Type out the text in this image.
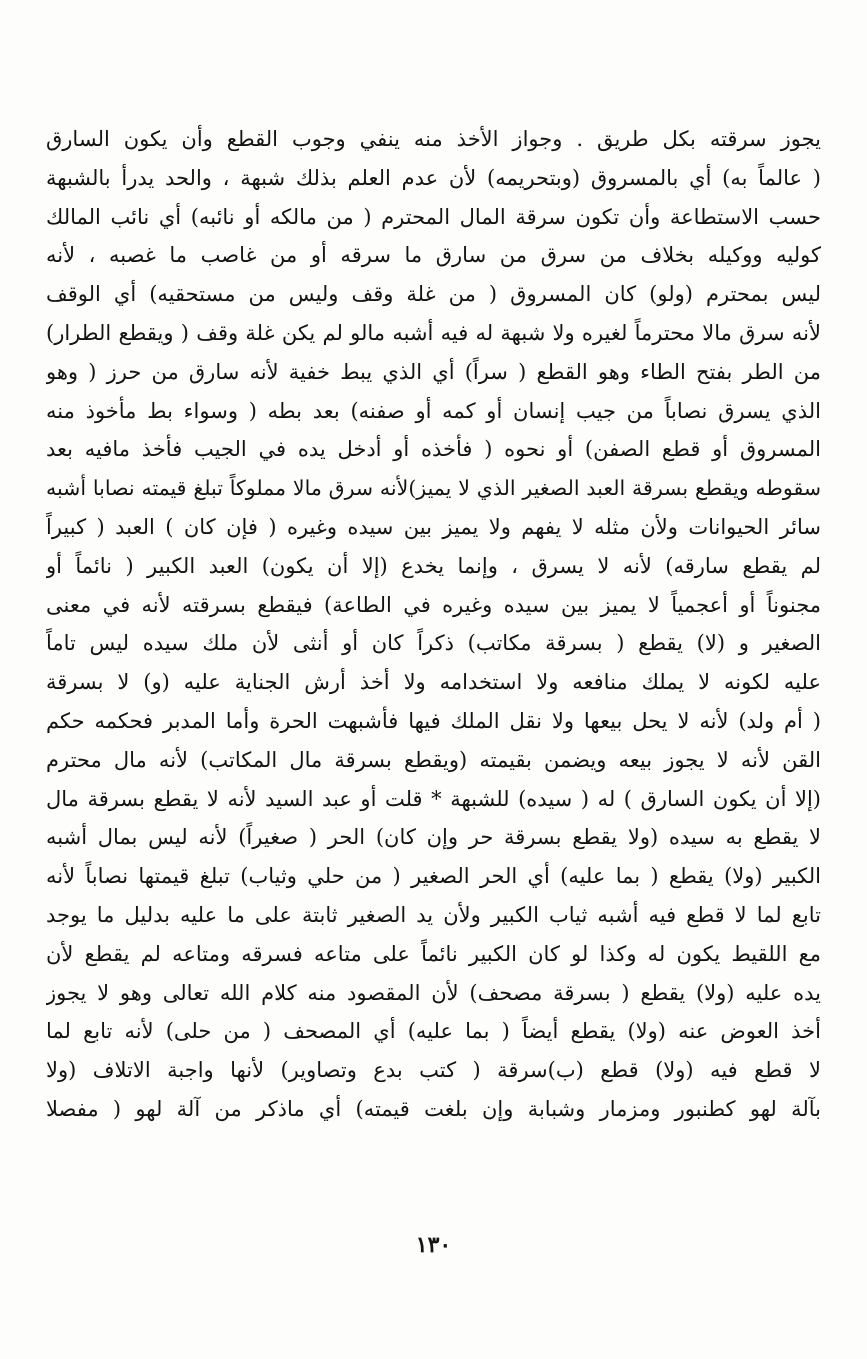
يجوز سرقته بكل طريق . وجواز الأخذ منه ينفي وجوب القطع وأن يكون السارق
( عالماً به) أي بالمسروق (وبتحريمه) لأن عدم العلم بذلك شبهة ، والحد يدرأ بالشبهة
حسب الاستطاعة وأن تكون سرقة المال المحترم ( من مالكه أو نائبه) أي نائب المالك
كوليه ووكيله بخلاف من سرق من سارق ما سرقه أو من غاصب ما غصبه ، لأنه
ليس بمحترم (ولو) كان المسروق ( من غلة وقف وليس من مستحقيه) أي الوقف
لأنه سرق مالا محترماً لغيره ولا شبهة له فيه أشبه مالو لم يكن غلة وقف ( ويقطع الطرار)
من الطر بفتح الطاء وهو القطع ( سراً) أي الذي يبط خفية لأنه سارق من حرز ( وهو
الذي يسرق نصاباً من جيب إنسان أو كمه أو صفنه) بعد بطه ( وسواء بط مأخوذ منه
المسروق أو قطع الصفن) أو نحوه ( فأخذه أو أدخل يده في الجيب فأخذ مافيه بعد
سقوطه ويقطع بسرقة العبد الصغير الذي لا يميز)لأنه سرق مالا مملوكاً تبلغ قيمته نصابا أشبه
سائر الحيوانات ولأن مثله لا يفهم ولا يميز بين سيده وغيره ( فإن كان ) العبد ( كبيراً
لم يقطع سارقه) لأنه لا يسرق ، وإنما يخدع (إلا أن يكون) العبد الكبير ( نائماً أو
مجنوناً أو أعجمياً لا يميز بين سيده وغيره في الطاعة) فيقطع بسرقته لأنه في معنى
الصغير و (لا) يقطع ( بسرقة مكاتب) ذكراً كان أو أنثى لأن ملك سيده ليس تاماً
عليه لكونه لا يملك منافعه ولا استخدامه ولا أخذ أرش الجناية عليه (و) لا بسرقة
( أم ولد) لأنه لا يحل بيعها ولا نقل الملك فيها فأشبهت الحرة وأما المدبر فحكمه حكم
القن لأنه لا يجوز بيعه ويضمن بقيمته (ويقطع بسرقة مال المكاتب) لأنه مال محترم
(إلا أن يكون السارق ) له ( سيده) للشبهة * قلت أو عبد السيد لأنه لا يقطع بسرقة مال
لا يقطع به سيده (ولا يقطع بسرقة حر وإن كان) الحر ( صغيراً) لأنه ليس بمال أشبه
الكبير (ولا) يقطع ( بما عليه) أي الحر الصغير ( من حلي وثياب) تبلغ قيمتها نصاباً لأنه
تابع لما لا قطع فيه أشبه ثياب الكبير ولأن يد الصغير ثابتة على ما عليه بدليل ما يوجد
مع اللقيط يكون له وكذا لو كان الكبير نائماً على متاعه فسرقه ومتاعه لم يقطع لأن
يده عليه (ولا) يقطع ( بسرقة مصحف) لأن المقصود منه كلام الله تعالى وهو لا يجوز
أخذ العوض عنه (ولا) يقطع أيضاً ( بما عليه) أي المصحف ( من حلى) لأنه تابع لما
لا قطع فيه (ولا) قطع (ب)سرقة ( كتب بدع وتصاوير) لأنها واجبة الاتلاف (ولا
بآلة لهو كطنبور ومزمار وشبابة وإن بلغت قيمته) أي ماذكر من آلة لهو ( مفصلا
١٣٠
